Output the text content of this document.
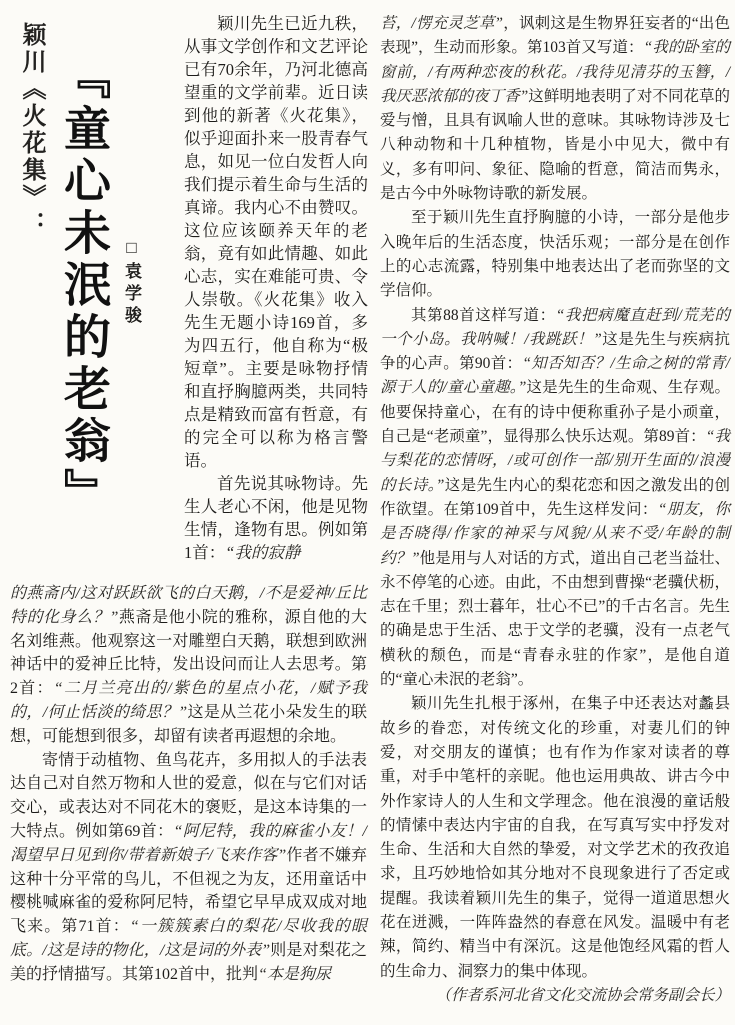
颖川《火花集》： 『童心未泯的老翁』 □袁学骏

颖川先生已近九秩，从事文学创作和文艺评论已有70余年，乃河北德高望重的文学前辈。近日读到他的新著《火花集》，似乎迎面扑来一股青春气息，如见一位白发哲人向我们提示着生命与生活的真谛。我内心不由赞叹。这位应该颐养天年的老翁，竟有如此情趣、如此心志，实在难能可贵、令人崇敬。《火花集》收入先生无题小诗169首，多为四五行，他自称为“极短章”。主要是咏物抒情和直抒胸臆两类，共同特点是精致而富有哲意，有的完全可以称为格言警语。

首先说其咏物诗。先生人老心不闲，他是见物生情，逢物有思。例如第1首：“我的寂静

的燕斋内/这对跃跃欲飞的白天鹅，/不是爱神/丘比特的化身么？”燕斋是他小院的雅称，源自他的大名刘维燕。他观察这一对雕塑白天鹅，联想到欧洲神话中的爱神丘比特，发出设问而让人去思考。第2首：“二月兰亮出的/紫色的星点小花，/赋予我的，/何止恬淡的绮思？”这是从兰花小朵发生的联想，可能想到很多，却留有读者再遐想的余地。

寄情于动植物、鱼鸟花卉，多用拟人的手法表达自己对自然万物和人世的爱意，似在与它们对话交心，或表达对不同花木的褒贬，是这本诗集的一大特点。例如第69首：“阿尼特，我的麻雀小友！/渴望早日见到你/带着新娘子/飞来作客”作者不嫌弃这种十分平常的鸟儿，不但视之为友，还用童话中樱桃喊麻雀的爱称阿尼特，希望它早早成双成对地飞来。第71首：“一簇簇素白的梨花/尽收我的眼底。/这是诗的物化，/这是词的外表”则是对梨花之美的抒情描写。其第102首中，批判“本是狗尿

苔，/愣充灵芝草”，讽刺这是生物界狂妄者的“出色表现”，生动而形象。第103首又写道：“我的卧室的窗前，/有两种恋夜的秋花。/我待见清芬的玉簪，/我厌恶浓郁的夜丁香”这鲜明地表明了对不同花草的爱与憎，且具有讽喻人世的意味。其咏物诗涉及七八种动物和十几种植物，皆是小中见大，微中有义，多有叩问、象征、隐喻的哲意，简洁而隽永，是古今中外咏物诗歌的新发展。

至于颖川先生直抒胸臆的小诗，一部分是他步入晚年后的生活态度，快活乐观；一部分是在创作上的心志流露，特别集中地表达出了老而弥坚的文学信仰。

其第88首这样写道：“我把病魔直赶到/荒芜的一个小岛。我呐喊！/我跳跃！”这是先生与疾病抗争的心声。第90首：“知否知否？/生命之树的常青/源于人的/童心童趣。”这是先生的生命观、生存观。他要保持童心，在有的诗中便称重孙子是小顽童，自己是“老顽童”，显得那么快乐达观。第89首：“我与梨花的恋情呀，/或可创作一部/别开生面的/浪漫的长诗。”这是先生内心的梨花恋和因之激发出的创作欲望。在第109首中，先生这样发问：“朋友，你是否晓得/作家的神采与风貌/从来不受/年龄的制约？”他是用与人对话的方式，道出自己老当益壮、永不停笔的心迹。由此，不由想到曹操“老骥伏枥，志在千里；烈士暮年，壮心不已”的千古名言。先生的确是忠于生活、忠于文学的老骥，没有一点老气横秋的颓色，而是“青春永驻的作家”，是他自道的“童心未泯的老翁”。

颖川先生扎根于涿州，在集子中还表达对蠡县故乡的眷恋，对传统文化的珍重，对妻儿们的钟爱，对交朋友的谨慎；也有作为作家对读者的尊重，对手中笔杆的亲昵。他也运用典故、讲古今中外作家诗人的人生和文学理念。他在浪漫的童话般的情愫中表达内宇宙的自我，在写真写实中抒发对生命、生活和大自然的挚爱，对文学艺术的孜孜追求，且巧妙地恰如其分地对不良现象进行了否定或提醒。我读着颖川先生的集子，觉得一道道思想火花在迸溅，一阵阵盎然的春意在风发。温暖中有老辣，简约、精当中有深沉。这是他饱经风霜的哲人的生命力、洞察力的集中体现。

（作者系河北省文化交流协会常务副会长）
